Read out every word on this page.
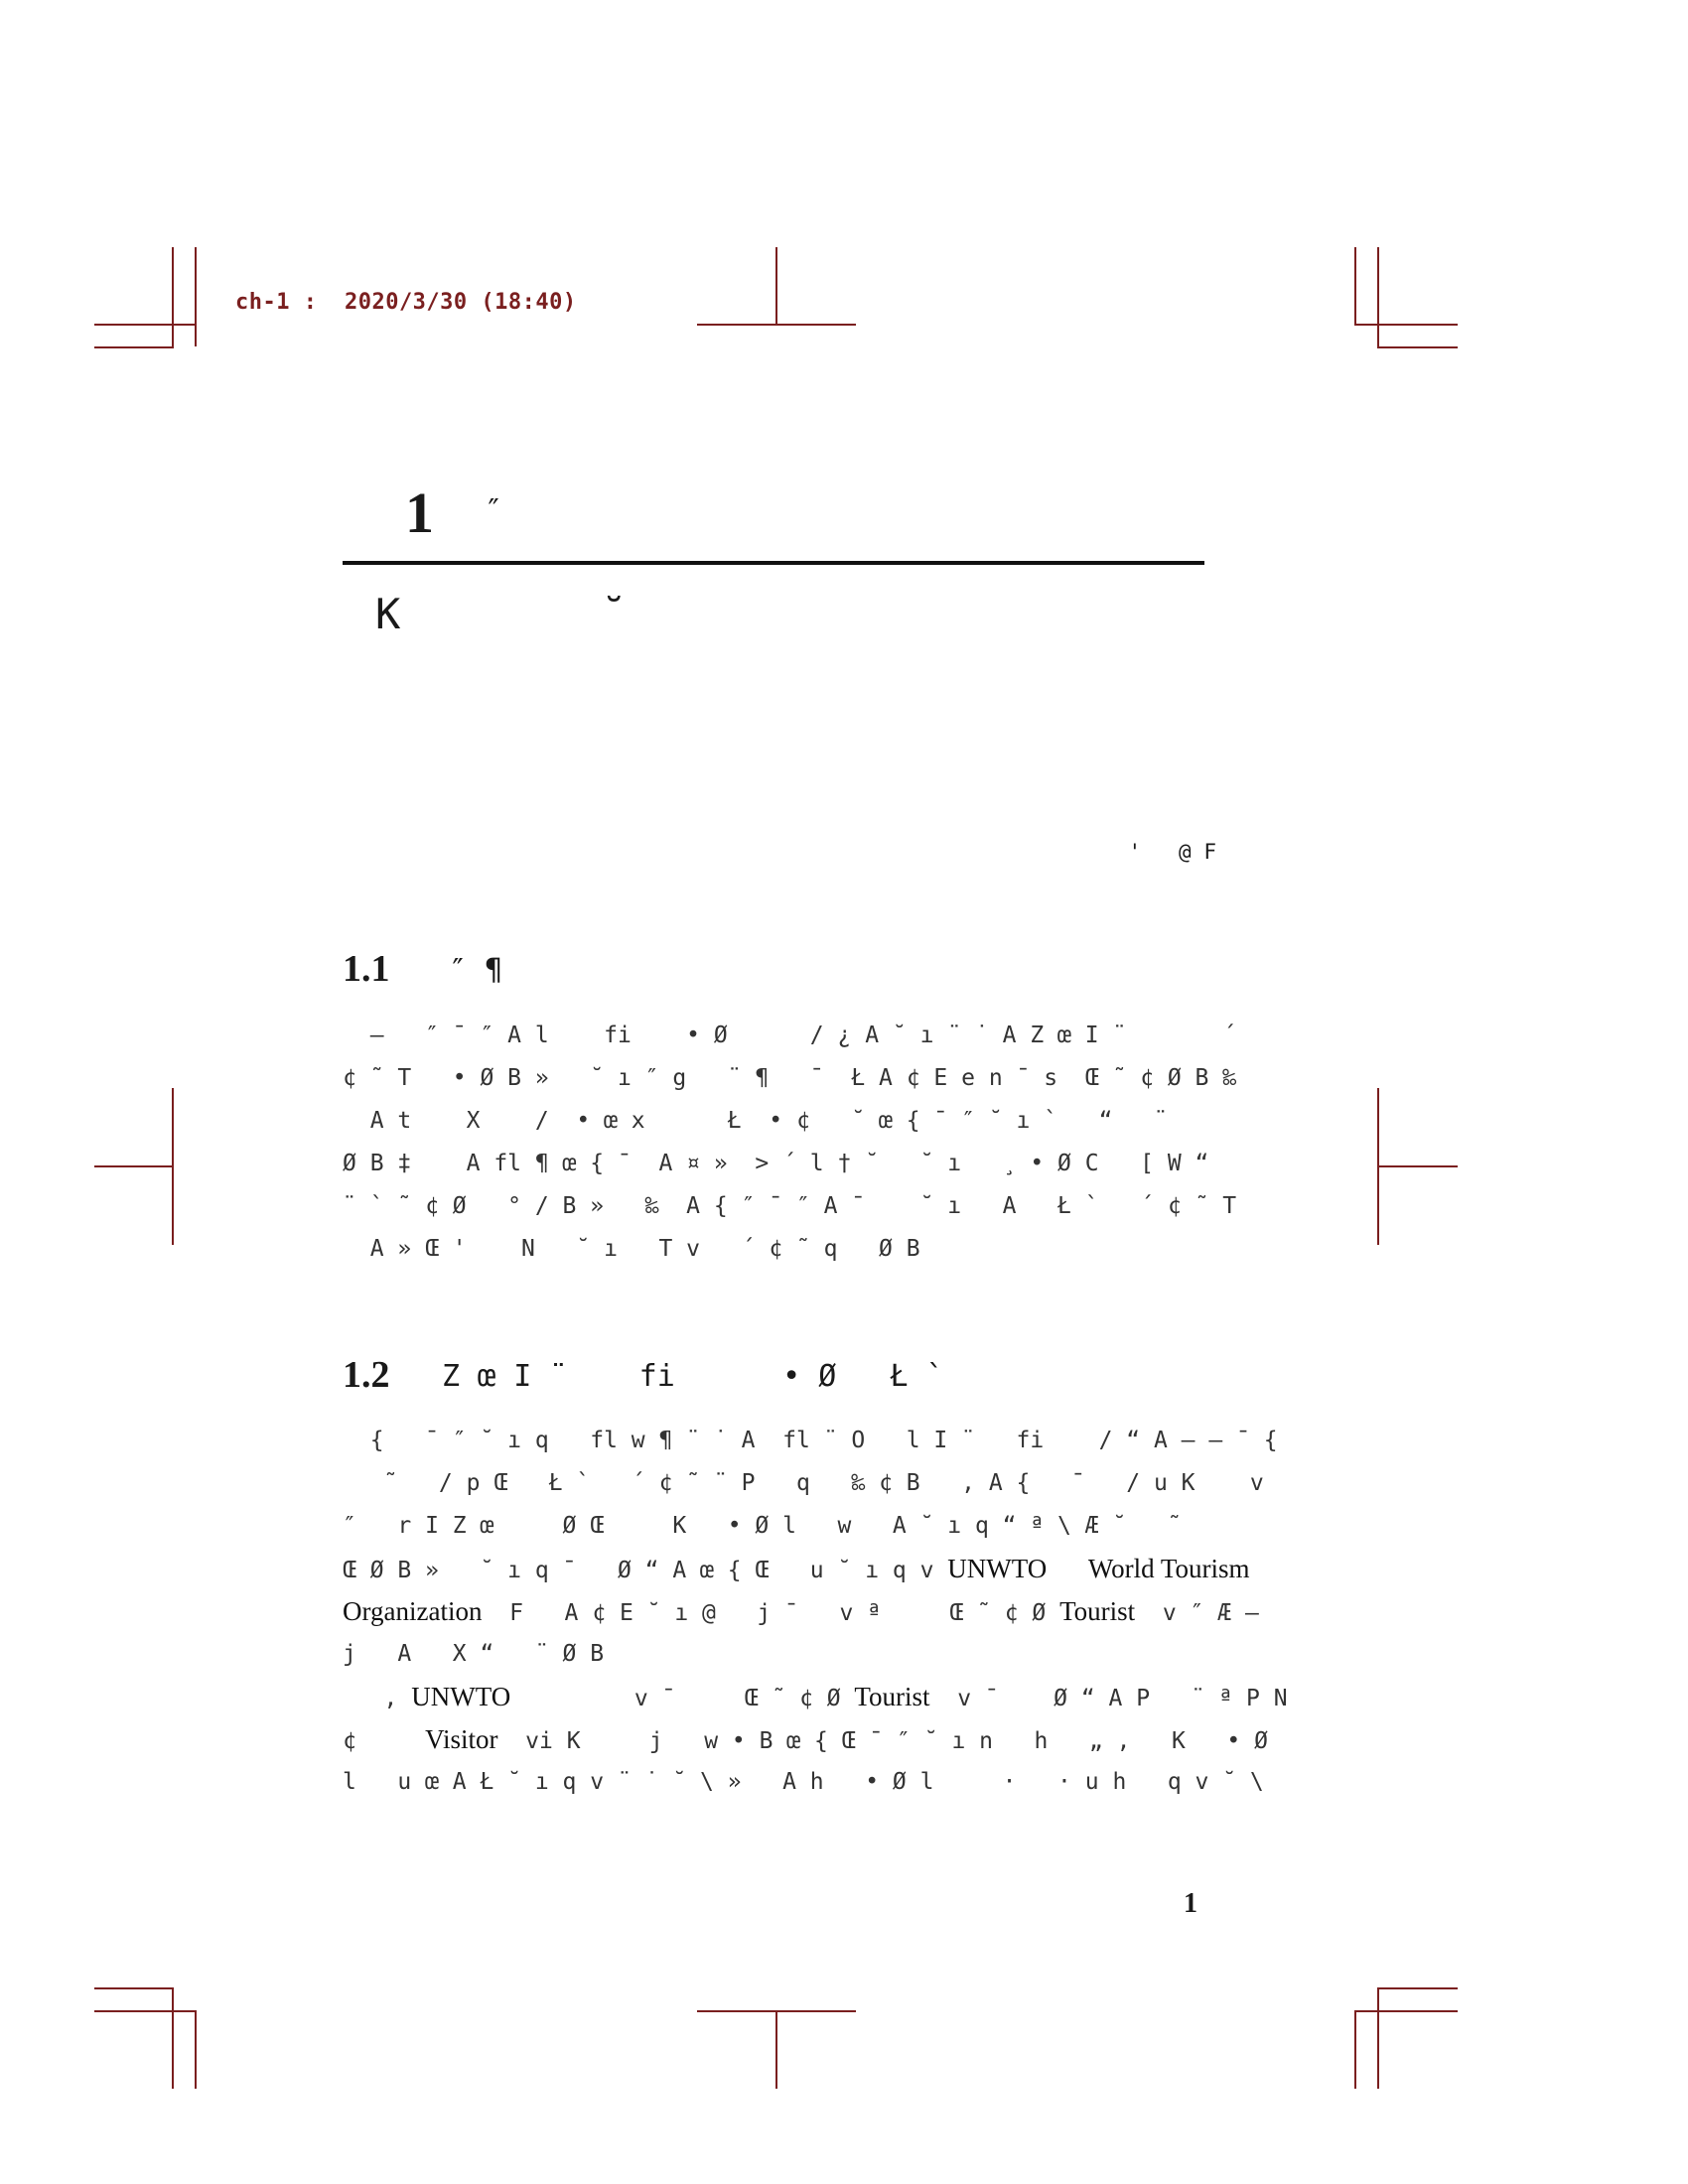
ch-1 :  2020/3/30 (18:40)
1 ″
K        ˘
'   @ F
1.1 ″ ¶
–   ″ ¯ ″ A l    fi    • Ø      / ¿ A ˘ ı ¨ ˙ A Z œ I ¨       ´
¢ ˜ T   • Ø B »   ˘ ı ″ g   ¨ ¶   ¯  Ł A ¢ E e n ¯ s  Œ ˜ ¢ Ø B ‰
A t    X    /  • œ x      Ł  • ¢   ˘ œ { ¯ ″ ˘ ı `   “   ¨
Ø B ‡    A fl ¶ œ { ¯  A ¤ »  > ´ l † ˘   ˘ ı   ¸ • Ø C   [ W “
¨ ` ˜ ¢ Ø   ° / B »   ‰  A { ″ ¯ ″ A ¯    ˘ ı   A   Ł `   ´ ¢ ˜ T
A » Œ '    N   ˘ ı   T v   ´ ¢ ˜ q   Ø B
1.2 Z œ I ¨    fi      • Ø   Ł `
{   ¯ ″ ˘ ı q   fl w ¶ ¨ ˙ A  fl ¨ O   l I ¨   fi    / “ A – – ¯ {
˜   / p Œ   Ł `   ´ ¢ ˜ ¨ P   q   ‰ ¢ B   , A {   ¯   / u K    v
″   r I Z œ     Ø Œ     K   • Ø l   w   A ˘ ı q “ ª \ Æ ˘   ˜
Œ Ø B »   ˘ ı q ¯   Ø “ A œ { Œ   u ˘ ı q v UNWTO World Tourism
Organization  F   A ¢ E ˘ ı @   j ¯   v ª     Œ ˜ ¢ Ø Tourist  v ″ Æ –
j   A   X “   ¨ Ø B
, UNWTO         v ¯     Œ ˜ ¢ Ø Tourist  v ¯    Ø “ A P   ¨ ª P N
¢     Visitor  vi K     j   w • B œ { Œ ¯ ″ ˘ ı n   h   „ ,   K   • Ø
l   u œ A Ł ˘ ı q v ¨ ˙ ˘ \ »   A h   • Ø l     ·   · u h   q v ˘ \
1
